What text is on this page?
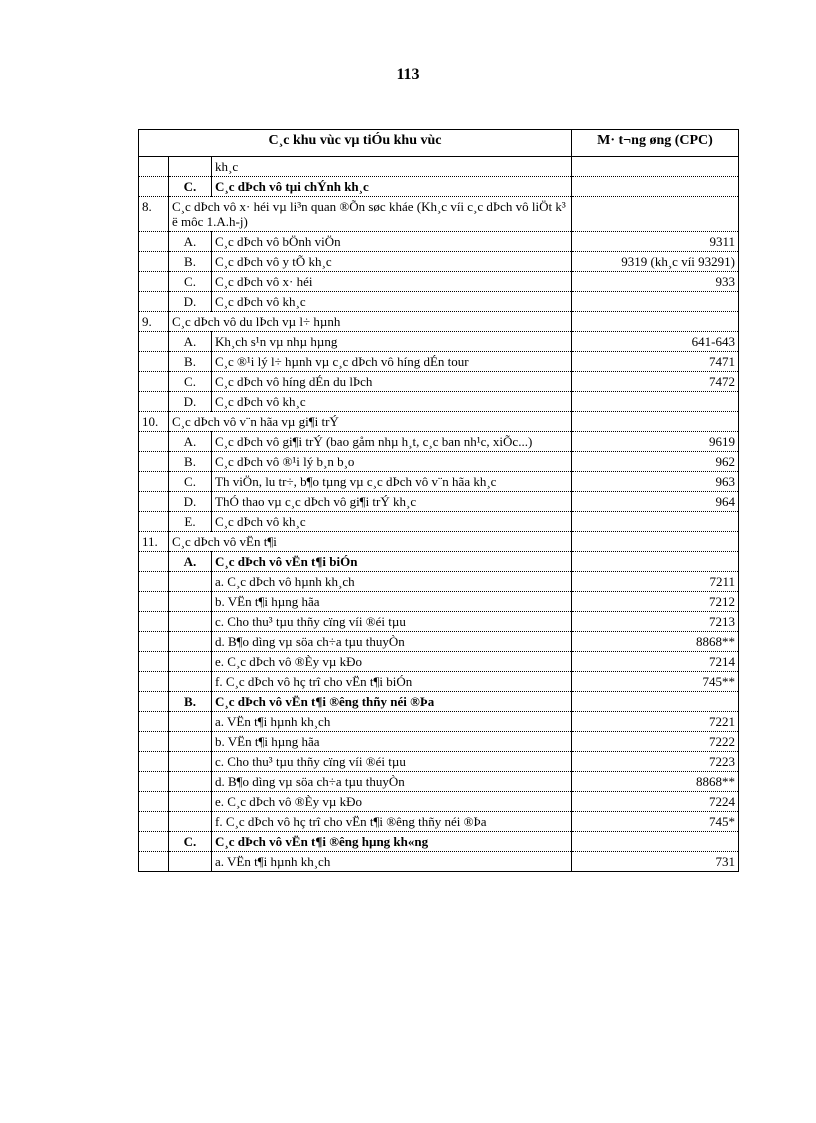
113
C¸c khu vùc vµ tiÓu khu vùc			M· t¬ng øng (CPC)
		kh¸c	
	C.	C¸c dÞch vô tµi chÝnh kh¸c	
8.	C¸c dÞch vô x· héi vµ li³n quan ®Õn søc kháe (Kh¸c víi c¸c dÞch vô liÖt k³ ë môc 1.A.h-j)		
	A.	C¸c dÞch vô bÖnh viÖn	9311
	B.	C¸c dÞch vô y tÕ kh¸c	9319 (kh¸c víi 93291)
	C.	C¸c dÞch vô x· héi	933
	D.	C¸c dÞch vô kh¸c	
9.	C¸c dÞch vô du lÞch vµ l÷ hµnh		
	A.	Kh¸ch s¹n vµ nhµ hµng	641-643
	B.	C¸c ®¹i lý l÷ hµnh vµ c¸c dÞch vô híng dÉn tour	7471
	C.	C¸c dÞch vô híng dÉn du lÞch	7472
	D.	C¸c dÞch vô kh¸c	
10.	C¸c dÞch vô v¨n hãa vµ gi¶i trÝ		
	A.	C¸c dÞch vô gi¶i trÝ (bao gåm nhµ h¸t, c¸c ban nh¹c, xiÕc...)	9619
	B.	C¸c dÞch vô ®¹i lý b¸n b¸o	962
	C.	Th viÖn, lu tr÷, b¶o tµng vµ c¸c dÞch vô v¨n hãa kh¸c	963
	D.	ThÓ thao vµ c¸c dÞch vô gi¶i trÝ kh¸c	964
	E.	C¸c dÞch vô kh¸c	
11.	C¸c dÞch vô vËn t¶i		
	A.	C¸c dÞch vô vËn t¶i biÓn	
		a. C¸c dÞch vô hµnh kh¸ch	7211
		b. VËn t¶i hµng hãa	7212
		c. Cho thu³ tµu thñy cïng víi ®éi tµu	7213
		d. B¶o dìng vµ söa ch÷a tµu thuyÒn	8868**
		e. C¸c dÞch vô ®Èy vµ kÐo	7214
		f. C¸c dÞch vô hç trî cho vËn t¶i biÓn	745**
	B.	C¸c dÞch vô vËn t¶i ®êng thñy néi ®Þa	
		a. VËn t¶i hµnh kh¸ch	7221
		b. VËn t¶i hµng hãa	7222
		c. Cho thu³ tµu thñy cïng víi ®éi tµu	7223
		d. B¶o dìng vµ söa ch÷a tµu thuyÒn	8868**
		e. C¸c dÞch vô ®Èy vµ kÐo	7224
		f. C¸c dÞch vô hç trî cho vËn t¶i ®êng thñy néi ®Þa	745*
	C.	C¸c dÞch vô vËn t¶i ®êng hµng kh«ng	
		a. VËn t¶i hµnh kh¸ch	731
